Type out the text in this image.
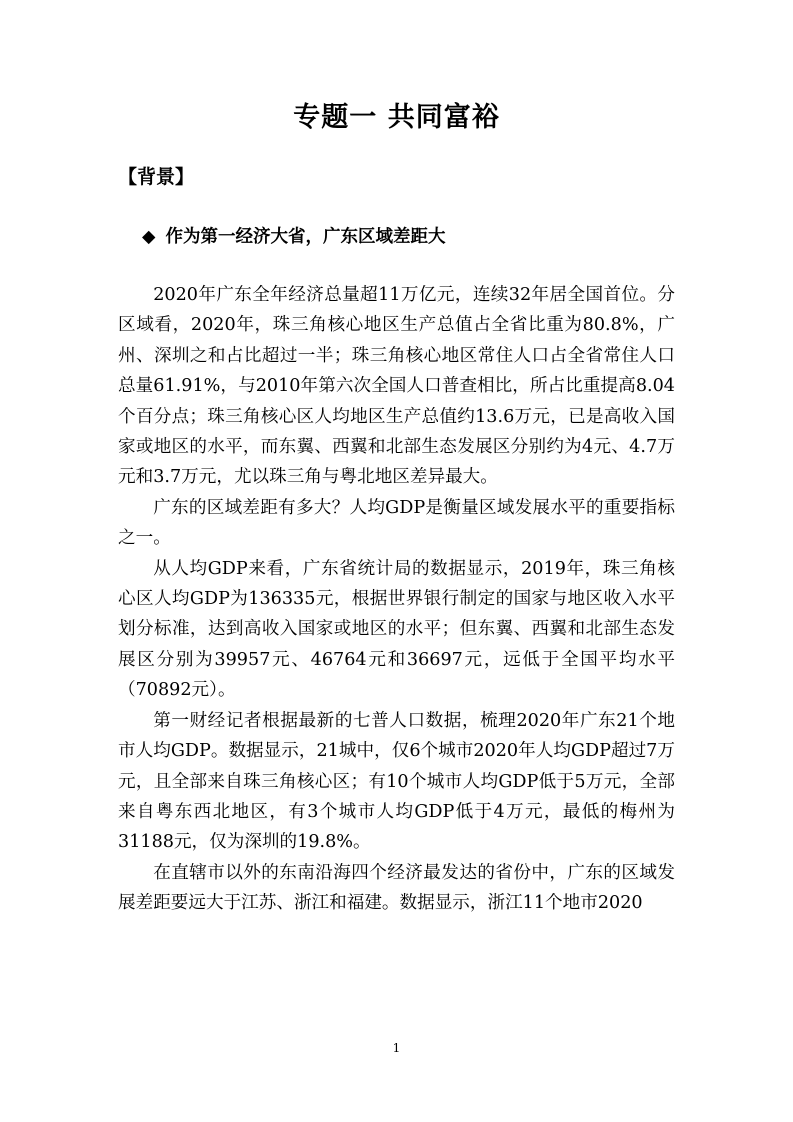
专题一 共同富裕
【背景】
◆ 作为第一经济大省，广东区域差距大

2020年广东全年经济总量超11万亿元，连续32年居全国首位。分区域看，2020年，珠三角核心地区生产总值占全省比重为80.8%，广州、深圳之和占比超过一半；珠三角核心地区常住人口占全省常住人口总量61.91%，与2010年第六次全国人口普查相比，所占比重提高8.04个百分点；珠三角核心区人均地区生产总值约13.6万元，已是高收入国家或地区的水平，而东翼、西翼和北部生态发展区分别约为4元、4.7万元和3.7万元，尤以珠三角与粤北地区差异最大。

广东的区域差距有多大？人均GDP是衡量区域发展水平的重要指标之一。

从人均GDP来看，广东省统计局的数据显示，2019年，珠三角核心区人均GDP为136335元，根据世界银行制定的国家与地区收入水平划分标准，达到高收入国家或地区的水平；但东翼、西翼和北部生态发展区分别为39957元、46764元和36697元，远低于全国平均水平（70892元）。

第一财经记者根据最新的七普人口数据，梳理2020年广东21个地市人均GDP。数据显示，21城中，仅6个城市2020年人均GDP超过7万元，且全部来自珠三角核心区；有10个城市人均GDP低于5万元，全部来自粤东西北地区，有3个城市人均GDP低于4万元，最低的梅州为31188元，仅为深圳的19.8%。

在直辖市以外的东南沿海四个经济最发达的省份中，广东的区域发展差距要远大于江苏、浙江和福建。数据显示，浙江11个地市2020

1
